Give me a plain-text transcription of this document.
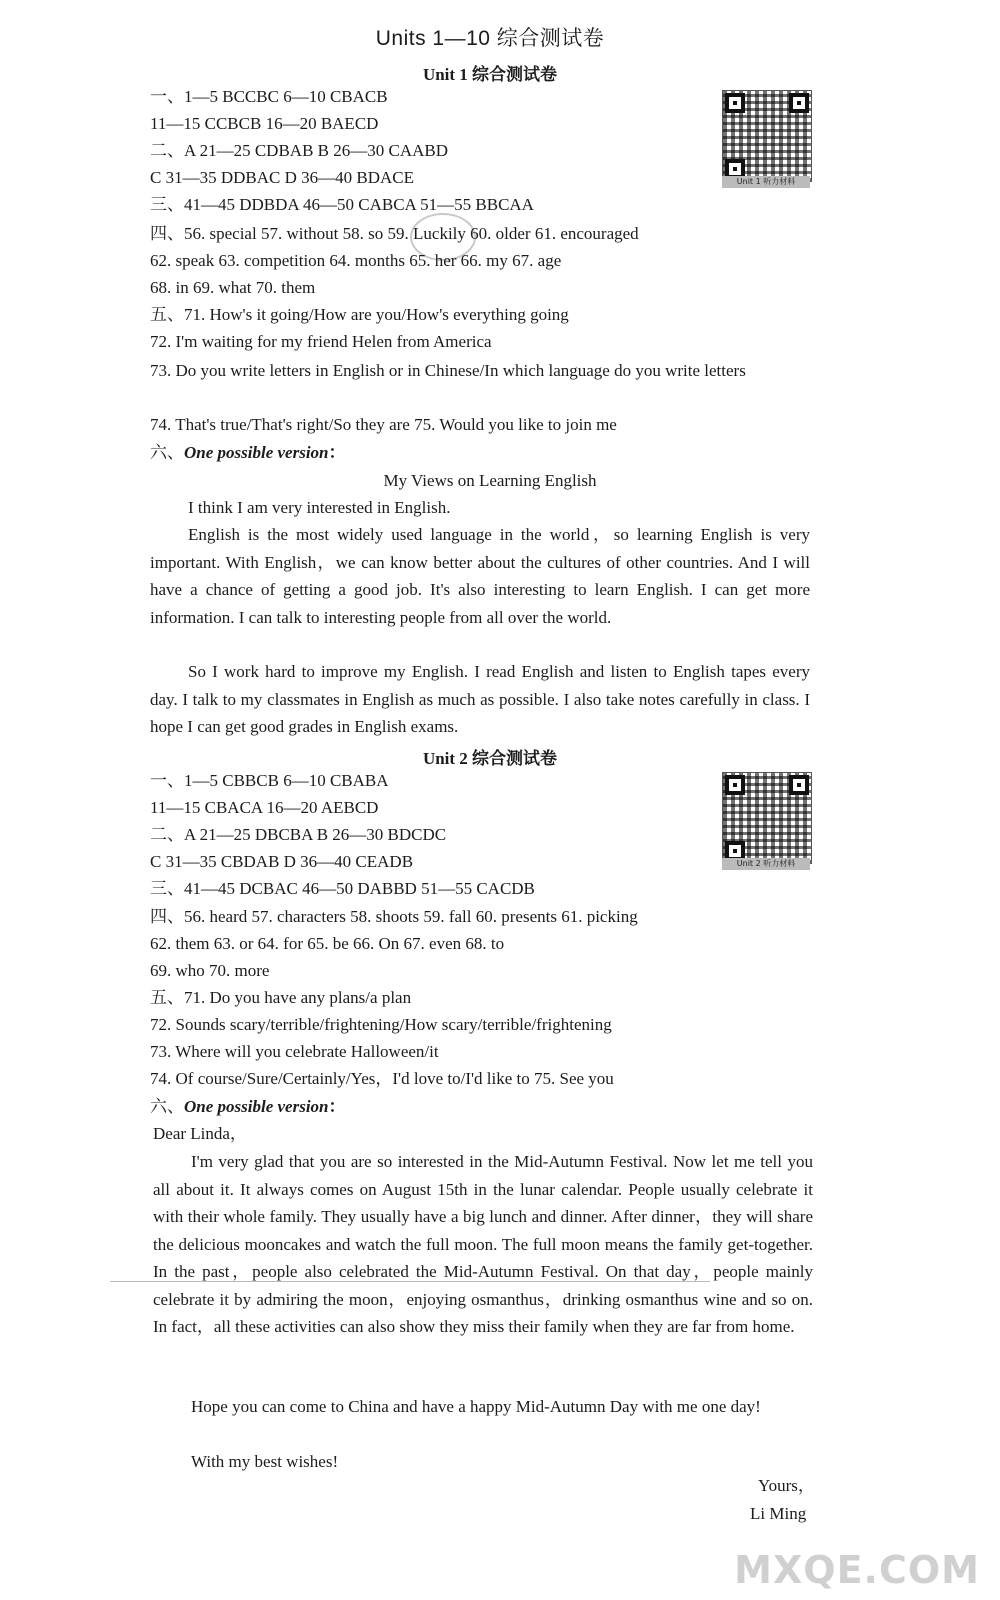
Units 1—10 综合测试卷
Unit 1 综合测试卷
Unit 1 听力材料
一、1—5 BCCBC 6—10 CBACB
11—15 CCBCB 16—20 BAECD
二、A 21—25 CDBAB B 26—30 CAABD
C 31—35 DDBAC D 36—40 BDACE
三、41—45 DDBDA 46—50 CABCA 51—55 BBCAA
四、56. special 57. without 58. so 59. Luckily 60. older 61. encouraged
62. speak 63. competition 64. months 65. her 66. my 67. age
68. in 69. what 70. them
五、71. How's it going/How are you/How's everything going
72. I'm waiting for my friend Helen from America
73. Do you write letters in English or in Chinese/In which language do you write letters
74. That's true/That's right/So they are 75. Would you like to join me
六、One possible version：
My Views on Learning English
I think I am very interested in English.
English is the most widely used language in the world，so learning English is very important. With English，we can know better about the cultures of other countries. And I will have a chance of getting a good job. It's also interesting to learn English. I can get more information. I can talk to interesting people from all over the world.
So I work hard to improve my English. I read English and listen to English tapes every day. I talk to my classmates in English as much as possible. I also take notes carefully in class. I hope I can get good grades in English exams.
Unit 2 综合测试卷
Unit 2 听力材料
一、1—5 CBBCB 6—10 CBABA
11—15 CBACA 16—20 AEBCD
二、A 21—25 DBCBA B 26—30 BDCDC
C 31—35 CBDAB D 36—40 CEADB
三、41—45 DCBAC 46—50 DABBD 51—55 CACDB
四、56. heard 57. characters 58. shoots 59. fall 60. presents 61. picking
62. them 63. or 64. for 65. be 66. On 67. even 68. to
69. who 70. more
五、71. Do you have any plans/a plan
72. Sounds scary/terrible/frightening/How scary/terrible/frightening
73. Where will you celebrate Halloween/it
74. Of course/Sure/Certainly/Yes，I'd love to/I'd like to 75. See you
六、One possible version：
Dear Linda，
I'm very glad that you are so interested in the Mid-Autumn Festival. Now let me tell you all about it. It always comes on August 15th in the lunar calendar. People usually celebrate it with their whole family. They usually have a big lunch and dinner. After dinner，they will share the delicious mooncakes and watch the full moon. The full moon means the family get-together. In the past，people also celebrated the Mid-Autumn Festival. On that day，people mainly celebrate it by admiring the moon，enjoying osmanthus，drinking osmanthus wine and so on. In fact，all these activities can also show they miss their family when they are far from home.
Hope you can come to China and have a happy Mid-Autumn Day with me one day!
With my best wishes!
Yours，
Li Ming
MXQE.COM
